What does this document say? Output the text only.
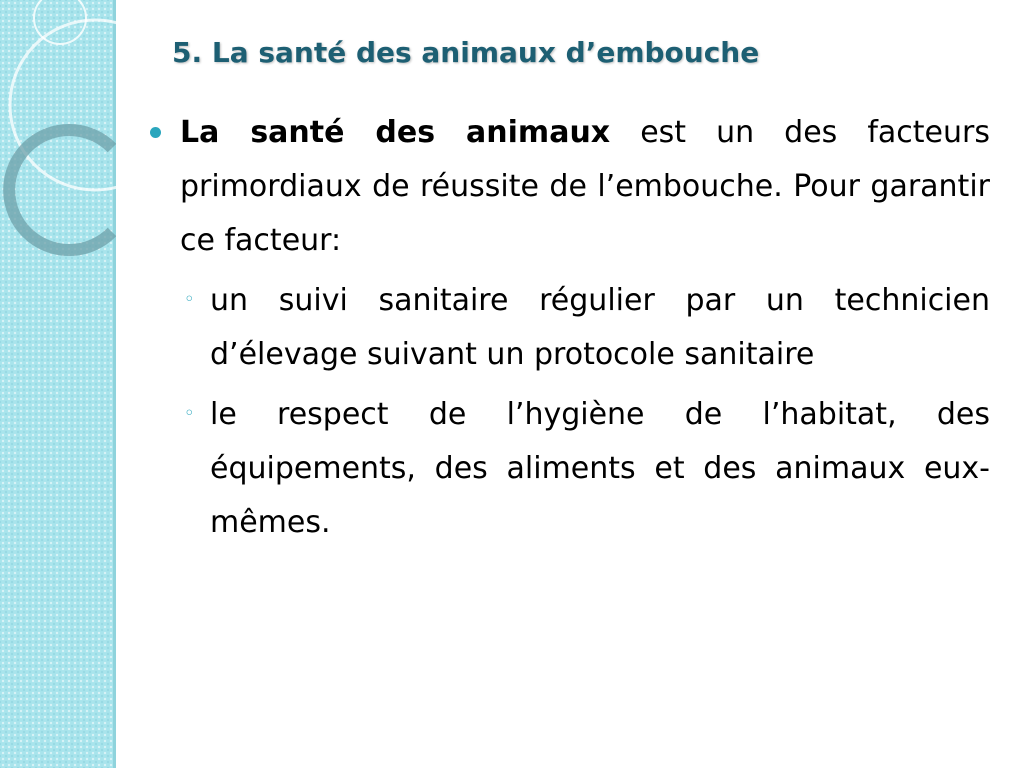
5. La santé des animaux d’embouche

La santé des animaux est un des facteurs primordiaux de réussite de l’embouche. Pour garantir ce facteur:

◦ un suivi sanitaire régulier par un technicien d’élevage suivant un protocole sanitaire
◦ le respect de l’hygiène de l’habitat, des équipements, des aliments et des animaux eux-mêmes.
